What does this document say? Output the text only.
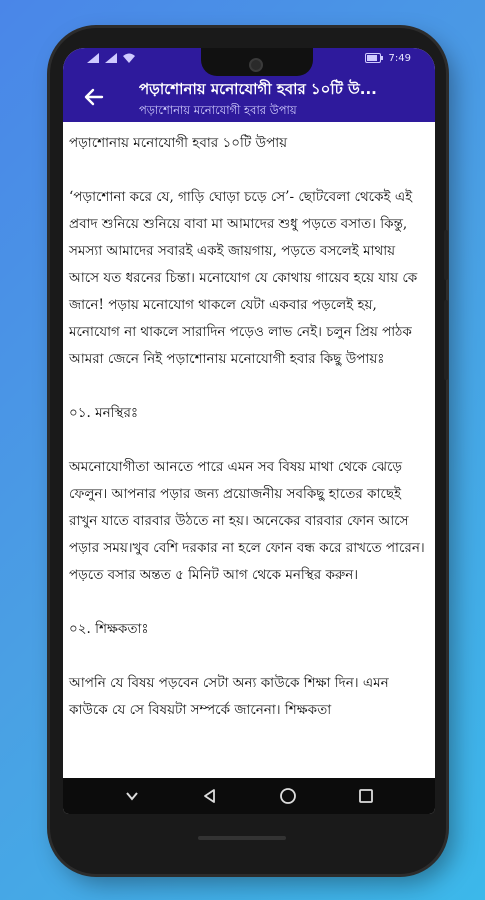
7:49
পড়াশোনায় মনোযোগী হবার ১০টি উ...
পড়াশোনায় মনোযোগী হবার উপায়

পড়াশোনায় মনোযোগী হবার ১০টি উপায়

‘পড়াশোনা করে যে, গাড়ি ঘোড়া চড়ে সে’- ছোটবেলা থেকেই এই প্রবাদ শুনিয়ে শুনিয়ে বাবা মা আমাদের শুধু পড়তে বসাত। কিন্তু, সমস্যা আমাদের সবারই একই জায়গায়, পড়তে বসলেই মাথায় আসে যত ধরনের চিন্তা। মনোযোগ যে কোথায় গায়েব হয়ে যায় কে জানে! পড়ায় মনোযোগ থাকলে যেটা একবার পড়লেই হয়, মনোযোগ না থাকলে সারাদিন পড়েও লাভ নেই। চলুন প্রিয় পাঠক আমরা জেনে নিই পড়াশোনায় মনোযোগী হবার কিছু উপায়ঃ

০১. মনস্থিরঃ

অমনোযোগীতা আনতে পারে এমন সব বিষয় মাথা থেকে ঝেড়ে ফেলুন। আপনার পড়ার জন্য প্রয়োজনীয় সবকিছু হাতের কাছেই রাখুন যাতে বারবার উঠতে না হয়। অনেকের বারবার ফোন আসে পড়ার সময়।খুব বেশি দরকার না হলে ফোন বন্ধ করে রাখতে পারেন। পড়তে বসার অন্তত ৫ মিনিট আগ থেকে মনস্থির করুন।

০২. শিক্ষকতাঃ

আপনি যে বিষয় পড়বেন সেটা অন্য কাউকে শিক্ষা দিন। এমন কাউকে যে সে বিষয়টা সম্পর্কে জানেনা। শিক্ষকতা
